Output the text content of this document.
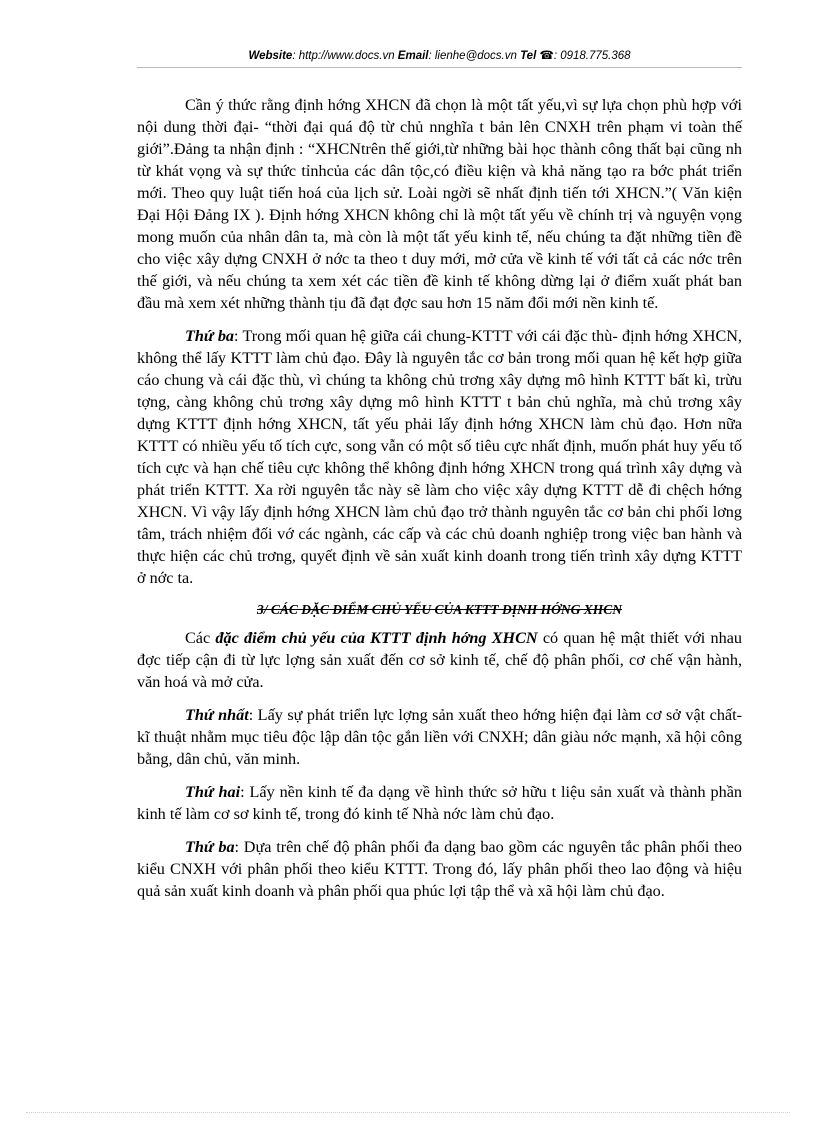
Website: http://www.docs.vn Email: lienhe@docs.vn Tel ☎: 0918.775.368

Cần ý thức rằng định hớng XHCN đã chọn là một tất yếu,vì sự lựa chọn phù hợp với nội dung thời đại- “thời đại quá độ từ chủ nnghĩa t bản lên CNXH trên phạm vi toàn thế giới”.Đảng ta nhận định : “XHCNtrên thế giới,từ những bài học thành công thất bại cũng nh từ khát vọng và sự thức tỉnhcủa các dân tộc,có điều kiện và khả năng tạo ra bớc phát triển mới. Theo quy luật tiến hoá của lịch sử. Loài ngời sẽ nhất định tiến tới XHCN.”( Văn kiện Đại Hội Đảng IX ). Định hớng XHCN không chỉ là một tất yếu về chính trị và nguyện vọng mong muốn của nhân dân ta, mà còn là một tất yếu kinh tế, nếu chúng ta đặt những tiền đề cho việc xây dựng CNXH ở nớc ta theo t duy mới, mở cửa về kinh tế với tất cả các nớc trên thế giới, và nếu chúng ta xem xét các tiền đề kinh tế không dừng lại ở điểm xuất phát ban đầu mà xem xét những thành tịu đã đạt đợc sau hơn 15 năm đổi mới nền kinh tế.

Thứ ba: Trong mối quan hệ giữa cái chung-KTTT với cái đặc thù- định hớng XHCN, không thể lấy KTTT làm chủ đạo. Đây là nguyên tắc cơ bản trong mối quan hệ kết hợp giữa cáo chung và cái đặc thù, vì chúng ta không chủ trơng xây dựng mô hình KTTT bất kì, trừu tợng, càng không chủ trơng xây dựng mô hình KTTT t bản chủ nghĩa, mà chủ trơng xây dựng KTTT định hớng XHCN, tất yếu phải lấy định hớng XHCN làm chủ đạo. Hơn nữa KTTT có nhiều yếu tố tích cực, song vẫn có một số tiêu cực nhất định, muốn phát huy yếu tố tích cực và hạn chế tiêu cực không thể không định hớng XHCN trong quá trình xây dựng và phát triển KTTT. Xa rời nguyên tắc này sẽ làm cho việc xây dựng KTTT dễ đi chệch hớng XHCN. Vì vậy lấy định hớng XHCN làm chủ đạo trở thành nguyên tắc cơ bản chi phối lơng tâm, trách nhiệm đối vớ các ngành, các cấp và các chủ doanh nghiệp trong việc ban hành và thực hiện các chủ trơng, quyết định về sản xuất kinh doanh trong tiến trình xây dựng KTTT ở nớc ta.

3/ CÁC ĐẶC ĐIỂM CHỦ YẾU CỦA KTTT ĐỊNH HỚNG XHCN

Các đặc điểm chủ yếu của KTTT định hớng XHCN có quan hệ mật thiết với nhau đợc tiếp cận đi từ lực lợng sản xuất đến cơ sở kinh tế, chế độ phân phối, cơ chế vận hành, văn hoá và mở cửa.

Thứ nhất: Lấy sự phát triển lực lợng sản xuất theo hớng hiện đại làm cơ sở vật chất-kĩ thuật nhằm mục tiêu độc lập dân tộc gắn liền với CNXH; dân giàu nớc mạnh, xã hội công bằng, dân chủ, văn minh.

Thứ hai: Lấy nền kinh tế đa dạng về hình thức sở hữu t liệu sản xuất và thành phần kinh tế làm cơ sơ kinh tế, trong đó kinh tế Nhà nớc làm chủ đạo.

Thứ ba: Dựa trên chế độ phân phối đa dạng bao gồm các nguyên tắc phân phối theo kiểu CNXH với phân phối theo kiểu KTTT. Trong đó, lấy phân phối theo lao động và hiệu quả sản xuất kinh doanh và phân phối qua phúc lợi tập thể và xã hội làm chủ đạo.
